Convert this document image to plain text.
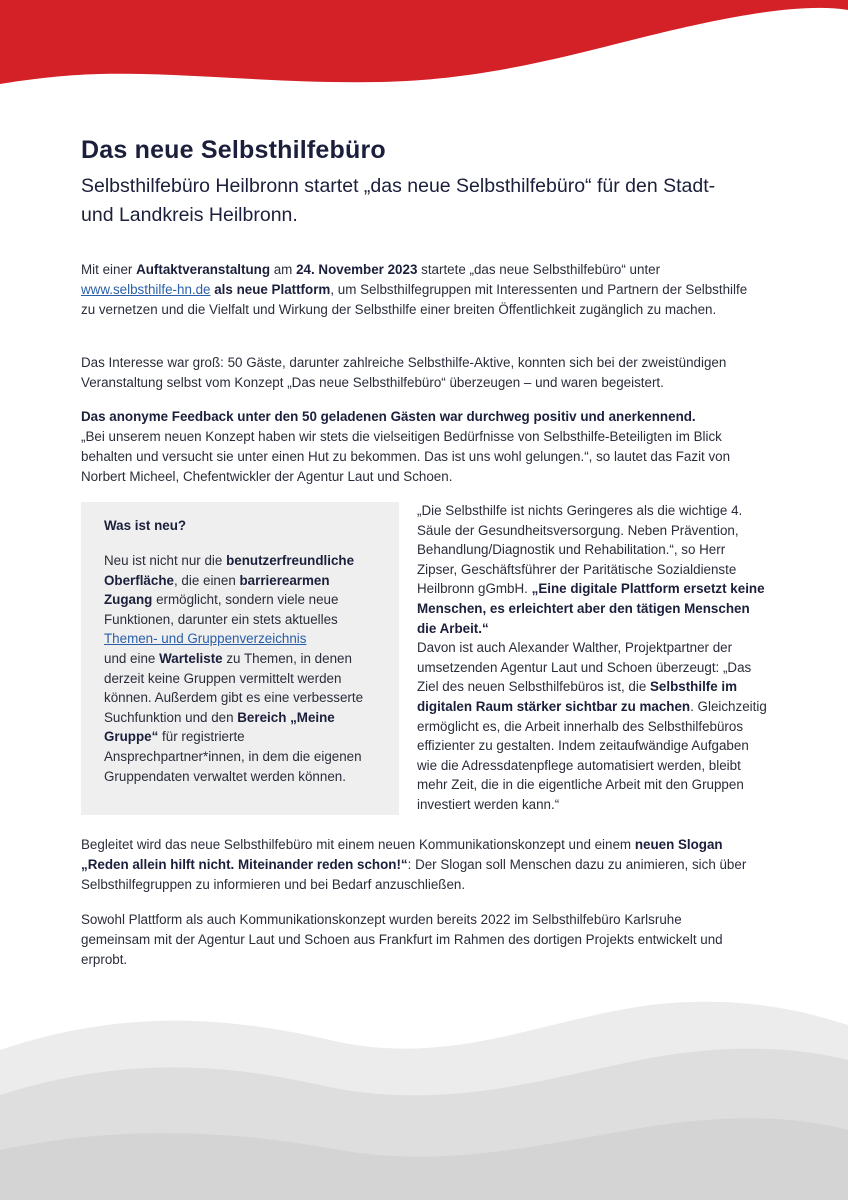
Das neue Selbsthilfebüro
Selbsthilfebüro Heilbronn startet „das neue Selbsthilfebüro“ für den Stadt- und Landkreis Heilbronn.

Mit einer Auftaktveranstaltung am 24. November 2023 startete „das neue Selbsthilfebüro“ unter www.selbsthilfe-hn.de als neue Plattform, um Selbsthilfegruppen mit Interessenten und Partnern der Selbsthilfe zu vernetzen und die Vielfalt und Wirkung der Selbsthilfe einer breiten Öffentlichkeit zugänglich zu machen.

Das Interesse war groß: 50 Gäste, darunter zahlreiche Selbsthilfe-Aktive, konnten sich bei der zweistündigen Veranstaltung selbst vom Konzept „Das neue Selbsthilfebüro“ überzeugen – und waren begeistert.

Das anonyme Feedback unter den 50 geladenen Gästen war durchweg positiv und anerkennend.
„Bei unserem neuen Konzept haben wir stets die vielseitigen Bedürfnisse von Selbsthilfe-Beteiligten im Blick behalten und versucht sie unter einen Hut zu bekommen. Das ist uns wohl gelungen.“, so lautet das Fazit von Norbert Micheel, Chefentwickler der Agentur Laut und Schoen.

Was ist neu?

Neu ist nicht nur die benutzerfreundliche Oberfläche, die einen barrierearmen Zugang ermöglicht, sondern viele neue Funktionen, darunter ein stets aktuelles Themen- und Gruppenverzeichnis
und eine Warteliste zu Themen, in denen derzeit keine Gruppen vermittelt werden können. Außerdem gibt es eine verbesserte Suchfunktion und den Bereich „Meine Gruppe“ für registrierte Ansprechpartner*innen, in dem die eigenen Gruppendaten verwaltet werden können.

„Die Selbsthilfe ist nichts Geringeres als die wichtige 4. Säule der Gesundheitsversorgung. Neben Prävention, Behandlung/Diagnostik und Rehabilitation.“, so Herr Zipser, Geschäftsführer der Paritätische Sozialdienste Heilbronn gGmbH. „Eine digitale Plattform ersetzt keine Menschen, es erleichtert aber den tätigen Menschen die Arbeit.“
Davon ist auch Alexander Walther, Projektpartner der umsetzenden Agentur Laut und Schoen überzeugt: „Das Ziel des neuen Selbsthilfebüros ist, die Selbsthilfe im digitalen Raum stärker sichtbar zu machen. Gleichzeitig ermöglicht es, die Arbeit innerhalb des Selbsthilfebüros effizienter zu gestalten. Indem zeitaufwändige Aufgaben wie die Adressdatenpflege automatisiert werden, bleibt mehr Zeit, die in die eigentliche Arbeit mit den Gruppen investiert werden kann.“

Begleitet wird das neue Selbsthilfebüro mit einem neuen Kommunikationskonzept und einem neuen Slogan „Reden allein hilft nicht. Miteinander reden schon!“: Der Slogan soll Menschen dazu zu animieren, sich über Selbsthilfegruppen zu informieren und bei Bedarf anzuschließen.

Sowohl Plattform als auch Kommunikationskonzept wurden bereits 2022 im Selbsthilfebüro Karlsruhe gemeinsam mit der Agentur Laut und Schoen aus Frankfurt im Rahmen des dortigen Projekts entwickelt und erprobt.
